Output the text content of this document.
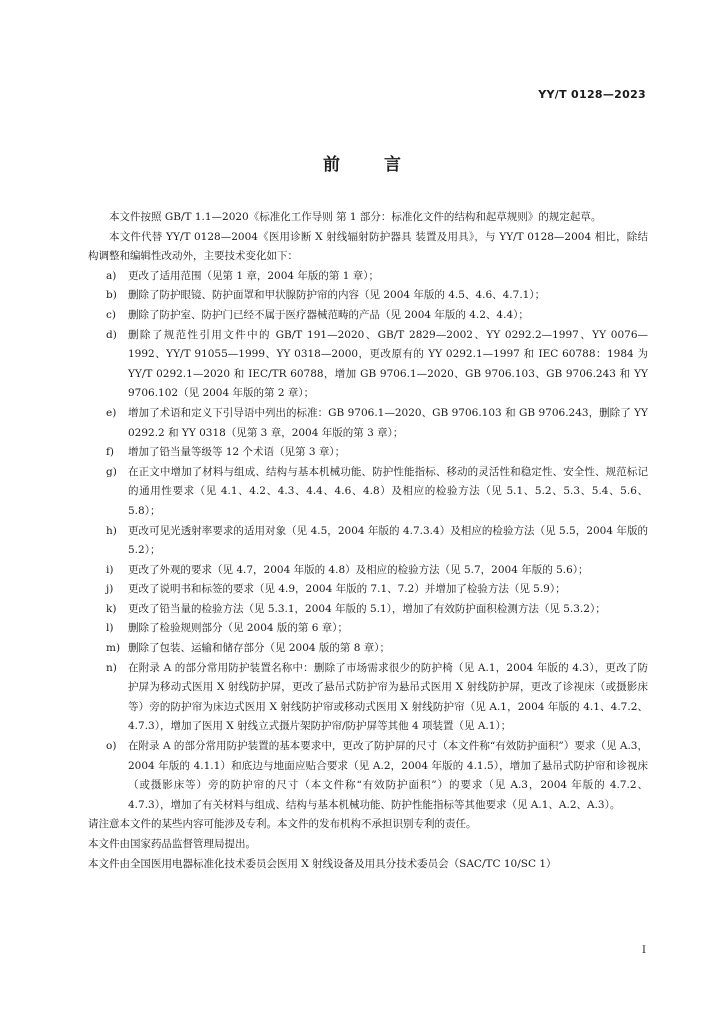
YY/T 0128—2023
前言

本文件按照 GB/T 1.1—2020《标准化工作导则 第 1 部分：标准化文件的结构和起草规则》的规定起草。

本文件代替 YY/T 0128—2004《医用诊断 X 射线辐射防护器具 装置及用具》，与 YY/T 0128—2004 相比，除结构调整和编辑性改动外，主要技术变化如下：

a)	更改了适用范围（见第 1 章，2004 年版的第 1 章）；
b)	删除了防护眼镜、防护面罩和甲状腺防护帘的内容（见 2004 年版的 4.5、4.6、4.7.1）；
c)	删除了防护室、防护门已经不属于医疗器械范畴的产品（见 2004 年版的 4.2、4.4）；
d)	删除了规范性引用文件中的 GB/T 191—2020、GB/T 2829—2002、YY 0292.2—1997、YY 0076—1992、YY/T 91055—1999、YY 0318—2000，更改原有的 YY 0292.1—1997 和 IEC 60788：1984 为 YY/T 0292.1—2020 和 IEC/TR 60788，增加 GB 9706.1—2020、GB 9706.103、GB 9706.243 和 YY 9706.102（见 2004 年版的第 2 章）；
e)	增加了术语和定义下引导语中列出的标准：GB 9706.1—2020、GB 9706.103 和 GB 9706.243，删除了 YY 0292.2 和 YY 0318（见第 3 章，2004 年版的第 3 章）；
f)	增加了铅当量等级等 12 个术语（见第 3 章）；
g)	在正文中增加了材料与组成、结构与基本机械功能、防护性能指标、移动的灵活性和稳定性、安全性、规范标记的通用性要求（见 4.1、4.2、4.3、4.4、4.6、4.8）及相应的检验方法（见 5.1、5.2、5.3、5.4、5.6、5.8）；
h)	更改可见光透射率要求的适用对象（见 4.5，2004 年版的 4.7.3.4）及相应的检验方法（见 5.5，2004 年版的 5.2）；
i)	更改了外观的要求（见 4.7，2004 年版的 4.8）及相应的检验方法（见 5.7，2004 年版的 5.6）；
j)	更改了说明书和标签的要求（见 4.9，2004 年版的 7.1、7.2）并增加了检验方法（见 5.9）；
k)	更改了铅当量的检验方法（见 5.3.1，2004 年版的 5.1），增加了有效防护面积检测方法（见 5.3.2）；
l)	删除了检验规则部分（见 2004 版的第 6 章）；
m) 删除了包装、运输和储存部分（见 2004 版的第 8 章）；
n)	在附录 A 的部分常用防护装置名称中：删除了市场需求很少的防护椅（见 A.1，2004 年版的 4.3），更改了防护屏为移动式医用 X 射线防护屏，更改了悬吊式防护帘为悬吊式医用 X 射线防护屏，更改了诊视床（或摄影床等）旁的防护帘为床边式医用 X 射线防护帘或移动式医用 X 射线防护帘（见 A.1，2004 年版的 4.1、4.7.2、4.7.3），增加了医用 X 射线立式摄片架防护帘/防护屏等其他 4 项装置（见 A.1）；
o)	在附录 A 的部分常用防护装置的基本要求中，更改了防护屏的尺寸（本文件称“有效防护面积”）要求（见 A.3，2004 年版的 4.1.1）和底边与地面应贴合要求（见 A.2，2004 年版的 4.1.5），增加了悬吊式防护帘和诊视床（或摄影床等）旁的防护帘的尺寸（本文件称“有效防护面积”）的要求（见 A.3，2004 年版的 4.7.2、4.7.3），增加了有关材料与组成、结构与基本机械功能、防护性能指标等其他要求（见 A.1、A.2、A.3）。

请注意本文件的某些内容可能涉及专利。本文件的发布机构不承担识别专利的责任。

本文件由国家药品监督管理局提出。

本文件由全国医用电器标准化技术委员会医用 X 射线设备及用具分技术委员会（SAC/TC 10/SC 1）

I
